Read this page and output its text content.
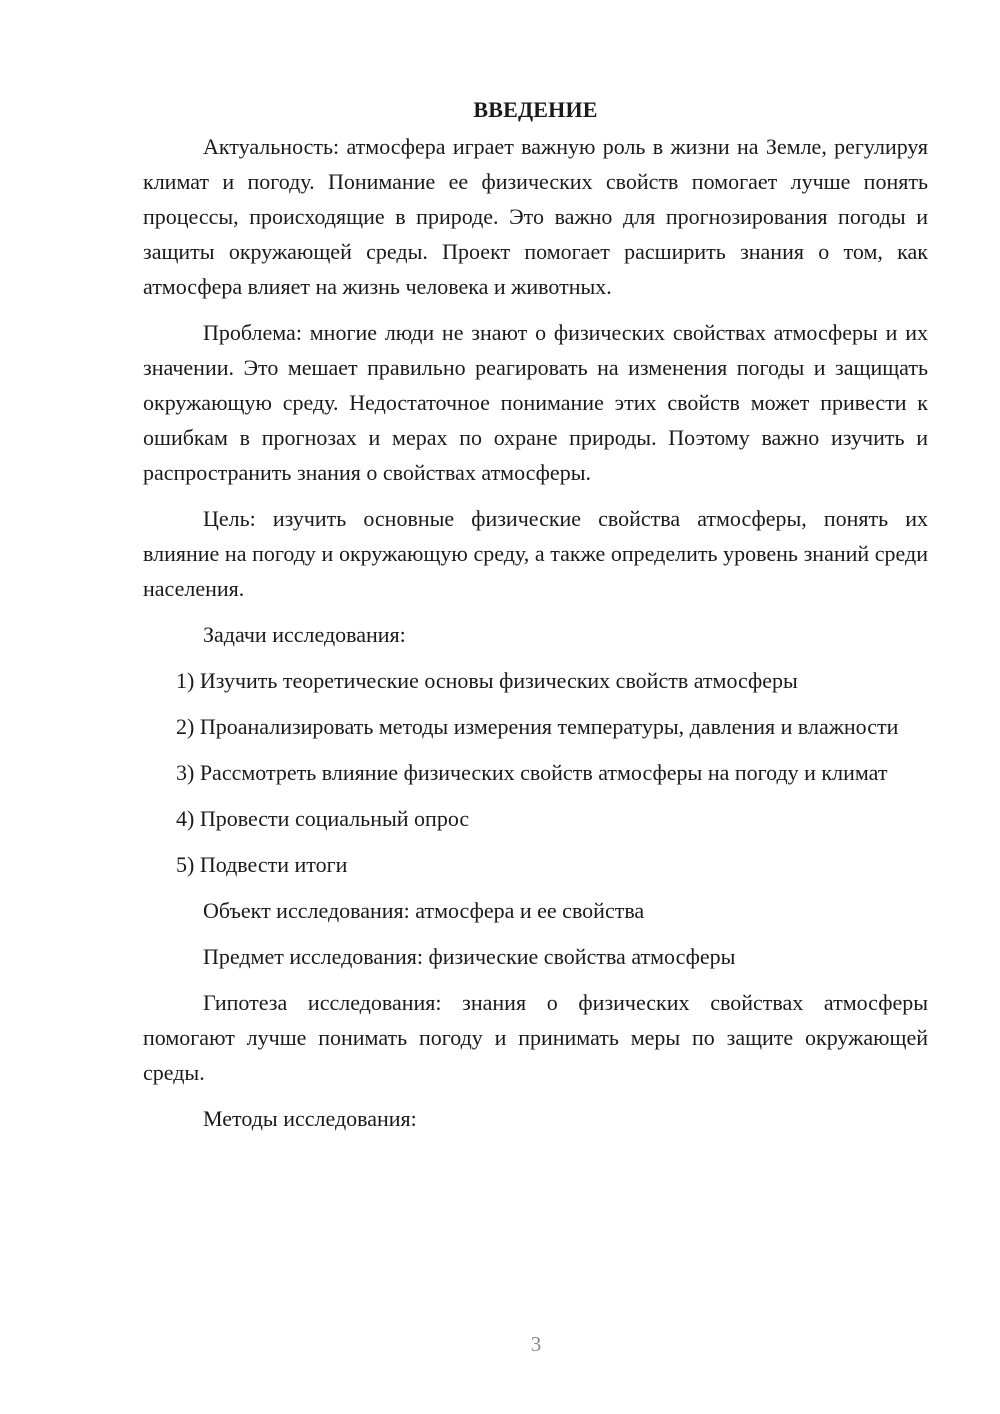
ВВЕДЕНИЕ

Актуальность: атмосфера играет важную роль в жизни на Земле, регулируя климат и погоду. Понимание ее физических свойств помогает лучше понять процессы, происходящие в природе. Это важно для прогнозирования погоды и защиты окружающей среды. Проект помогает расширить знания о том, как атмосфера влияет на жизнь человека и животных.

Проблема: многие люди не знают о физических свойствах атмосферы и их значении. Это мешает правильно реагировать на изменения погоды и защищать окружающую среду. Недостаточное понимание этих свойств может привести к ошибкам в прогнозах и мерах по охране природы. Поэтому важно изучить и распространить знания о свойствах атмосферы.

Цель: изучить основные физические свойства атмосферы, понять их влияние на погоду и окружающую среду, а также определить уровень знаний среди населения.

Задачи исследования:

1) Изучить теоретические основы физических свойств атмосферы

2) Проанализировать методы измерения температуры, давления и влажности

3) Рассмотреть влияние физических свойств атмосферы на погоду и климат

4) Провести социальный опрос

5) Подвести итоги

Объект исследования: атмосфера и ее свойства

Предмет исследования: физические свойства атмосферы

Гипотеза исследования: знания о физических свойствах атмосферы помогают лучше понимать погоду и принимать меры по защите окружающей среды.

Методы исследования:

3
